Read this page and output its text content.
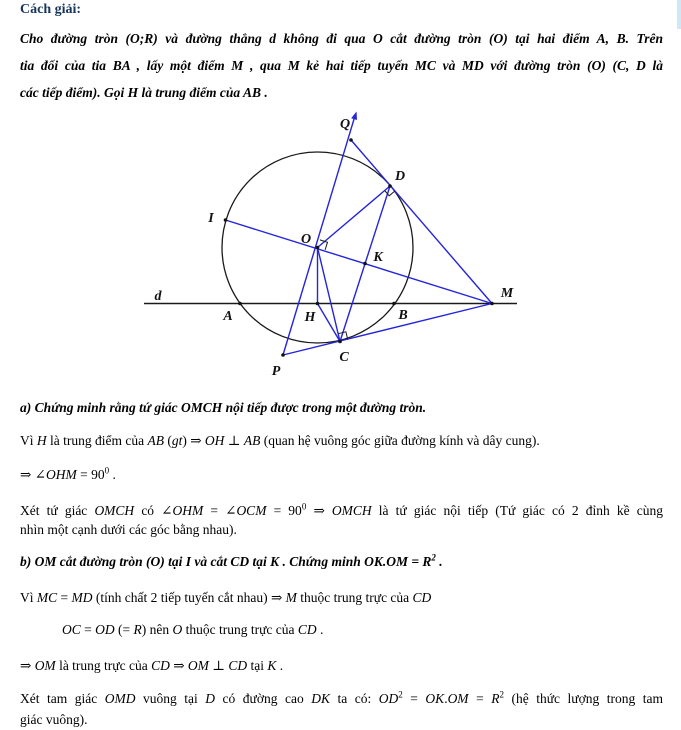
Cách giải:
Cho đường tròn (O;R) và đường thẳng d không đi qua O cắt đường tròn (O) tại hai điểm A, B. Trên
tia đối của tia BA , lấy một điểm M , qua M kẻ hai tiếp tuyến MC và MD với đường tròn (O) (C, D là
các tiếp điểm). Gọi H là trung điểm của AB .
d
A	B
H
O
I
D
C
K
M
P
Q
a) Chứng minh rằng tứ giác OMCH nội tiếp được trong một đường tròn.
Vì H là trung điểm của AB (gt) ⇒ OH ⊥ AB (quan hệ vuông góc giữa đường kính và dây cung).
⇒ ∠OHM = $90^0$ .
Xét tứ giác OMCH có ∠OHM = ∠OCM = $90^0$ ⇒ OMCH là tứ giác nội tiếp (Tứ giác có 2 đỉnh kề cùng
nhìn một cạnh dưới các góc bằng nhau).
b) OM cắt đường tròn (O) tại I và cắt CD tại K . Chứng minh $OK.OM = R^2$ .
Vì MC = MD (tính chất 2 tiếp tuyến cắt nhau) ⇒ M thuộc trung trực của CD
OC = OD (= R) nên O thuộc trung trực của CD .
⇒ OM là trung trực của CD ⇒ OM ⊥ CD tại K .
Xét tam giác OMD vuông tại D có đường cao DK ta có: $OD^2 = OK.OM = R^2$ (hệ thức lượng trong tam
giác vuông).
